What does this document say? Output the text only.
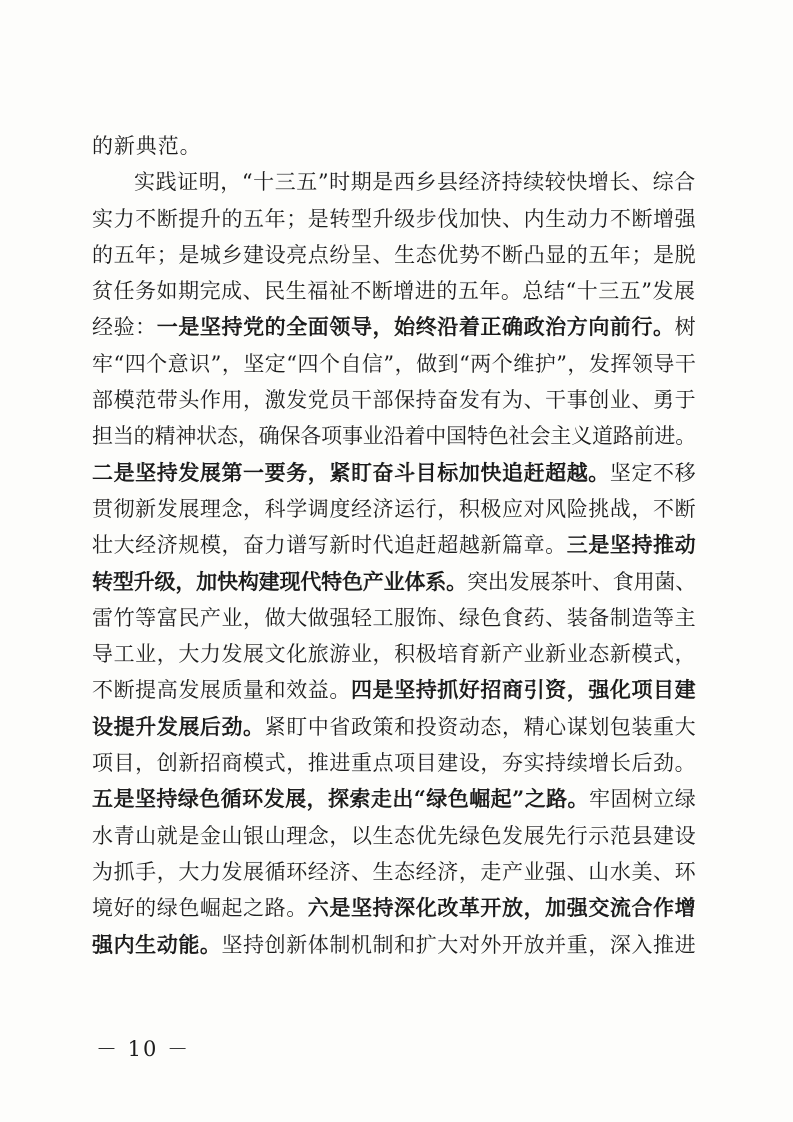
的新典范。
实践证明，“十三五”时期是西乡县经济持续较快增长、综合
实力不断提升的五年；是转型升级步伐加快、内生动力不断增强
的五年；是城乡建设亮点纷呈、生态优势不断凸显的五年；是脱
贫任务如期完成、民生福祉不断增进的五年。总结“十三五”发展
经验：一是坚持党的全面领导，始终沿着正确政治方向前行。树
牢“四个意识”，坚定“四个自信”，做到“两个维护”，发挥领导干
部模范带头作用，激发党员干部保持奋发有为、干事创业、勇于
担当的精神状态，确保各项事业沿着中国特色社会主义道路前进。
二是坚持发展第一要务，紧盯奋斗目标加快追赶超越。坚定不移
贯彻新发展理念，科学调度经济运行，积极应对风险挑战，不断
壮大经济规模，奋力谱写新时代追赶超越新篇章。三是坚持推动
转型升级，加快构建现代特色产业体系。突出发展茶叶、食用菌、
雷竹等富民产业，做大做强轻工服饰、绿色食药、装备制造等主
导工业，大力发展文化旅游业，积极培育新产业新业态新模式，
不断提高发展质量和效益。四是坚持抓好招商引资，强化项目建
设提升发展后劲。紧盯中省政策和投资动态，精心谋划包装重大
项目，创新招商模式，推进重点项目建设，夯实持续增长后劲。
五是坚持绿色循环发展，探索走出“绿色崛起”之路。牢固树立绿
水青山就是金山银山理念，以生态优先绿色发展先行示范县建设
为抓手，大力发展循环经济、生态经济，走产业强、山水美、环
境好的绿色崛起之路。六是坚持深化改革开放，加强交流合作增
强内生动能。坚持创新体制机制和扩大对外开放并重，深入推进
－ 10 －
